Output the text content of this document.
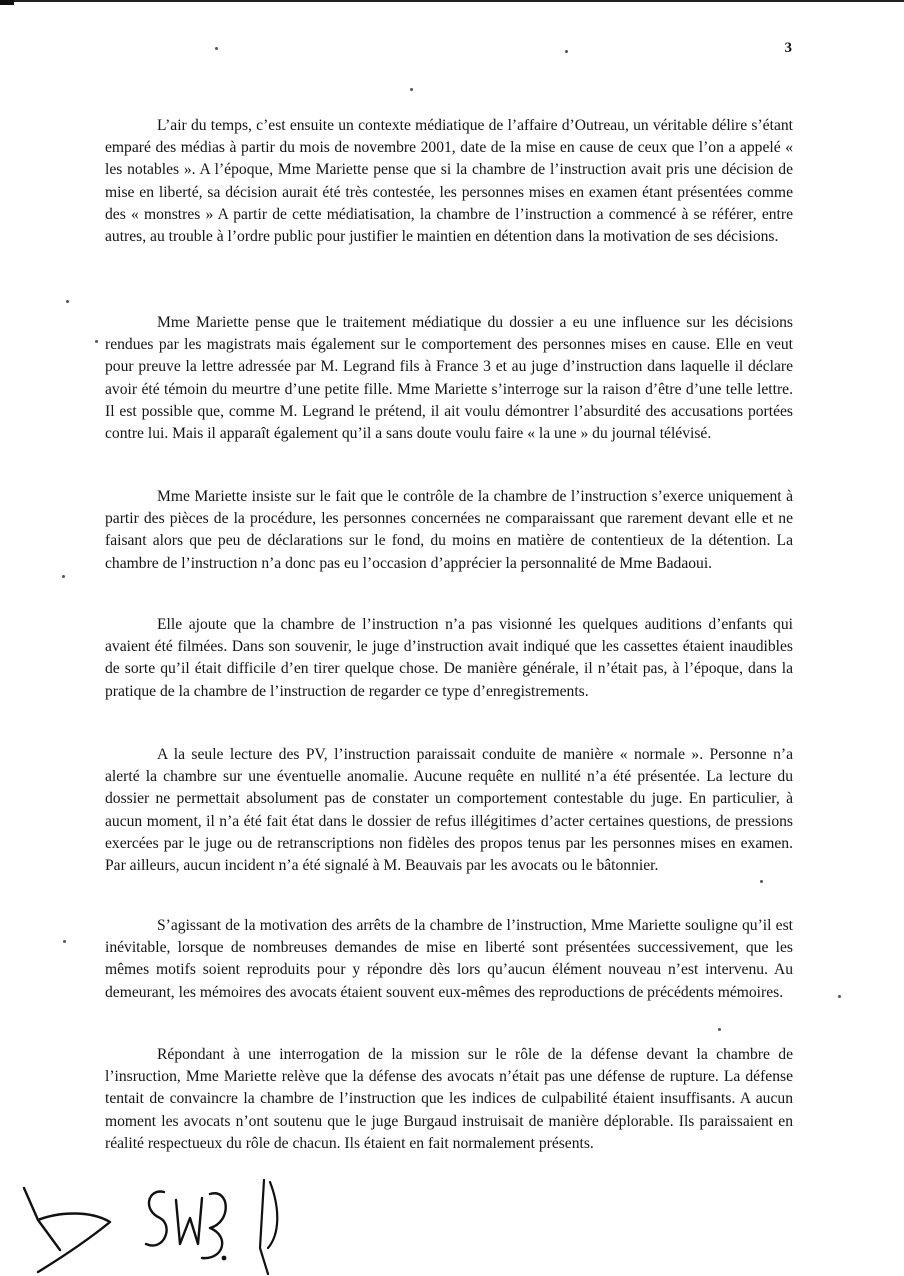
3

L’air du temps, c’est ensuite un contexte médiatique de l’affaire d’Outreau, un véritable délire s’étant emparé des médias à partir du mois de novembre 2001, date de la mise en cause de ceux que l’on a appelé « les notables ». A l’époque, Mme Mariette pense que si la chambre de l’instruction avait pris une décision de mise en liberté, sa décision aurait été très contestée, les personnes mises en examen étant présentées comme des « monstres » A partir de cette médiatisation, la chambre de l’instruction a commencé à se référer, entre autres, au trouble à l’ordre public pour justifier le maintien en détention dans la motivation de ses décisions.

Mme Mariette pense que le traitement médiatique du dossier a eu une influence sur les décisions rendues par les magistrats mais également sur le comportement des personnes mises en cause. Elle en veut pour preuve la lettre adressée par M. Legrand fils à France 3 et au juge d’instruction dans laquelle il déclare avoir été témoin du meurtre d’une petite fille. Mme Mariette s’interroge sur la raison d’être d’une telle lettre. Il est possible que, comme M. Legrand le prétend, il ait voulu démontrer l’absurdité des accusations portées contre lui. Mais il apparaît également qu’il a sans doute voulu faire « la une » du journal télévisé.

Mme Mariette insiste sur le fait que le contrôle de la chambre de l’instruction s’exerce uniquement à partir des pièces de la procédure, les personnes concernées ne comparaissant que rarement devant elle et ne faisant alors que peu de déclarations sur le fond, du moins en matière de contentieux de la détention. La chambre de l’instruction n’a donc pas eu l’occasion d’apprécier la personnalité de Mme Badaoui.

Elle ajoute que la chambre de l’instruction n’a pas visionné les quelques auditions d’enfants qui avaient été filmées. Dans son souvenir, le juge d’instruction avait indiqué que les cassettes étaient inaudibles de sorte qu’il était difficile d’en tirer quelque chose. De manière générale, il n’était pas, à l’époque, dans la pratique de la chambre de l’instruction de regarder ce type d’enregistrements.

A la seule lecture des PV, l’instruction paraissait conduite de manière « normale ». Personne n’a alerté la chambre sur une éventuelle anomalie. Aucune requête en nullité n’a été présentée. La lecture du dossier ne permettait absolument pas de constater un comportement contestable du juge. En particulier, à aucun moment, il n’a été fait état dans le dossier de refus illégitimes d’acter certaines questions, de pressions exercées par le juge ou de retranscriptions non fidèles des propos tenus par les personnes mises en examen. Par ailleurs, aucun incident n’a été signalé à M. Beauvais par les avocats ou le bâtonnier.

S’agissant de la motivation des arrêts de la chambre de l’instruction, Mme Mariette souligne qu’il est inévitable, lorsque de nombreuses demandes de mise en liberté sont présentées successivement, que les mêmes motifs soient reproduits pour y répondre dès lors qu’aucun élément nouveau n’est intervenu. Au demeurant, les mémoires des avocats étaient souvent eux-mêmes des reproductions de précédents mémoires.

Répondant à une interrogation de la mission sur le rôle de la défense devant la chambre de l’insruction, Mme Mariette relève que la défense des avocats n’était pas une défense de rupture. La défense tentait de convaincre la chambre de l’instruction que les indices de culpabilité étaient insuffisants. A aucun moment les avocats n’ont soutenu que le juge Burgaud instruisait de manière déplorable. Ils paraissaient en réalité respectueux du rôle de chacun. Ils étaient en fait normalement présents.
